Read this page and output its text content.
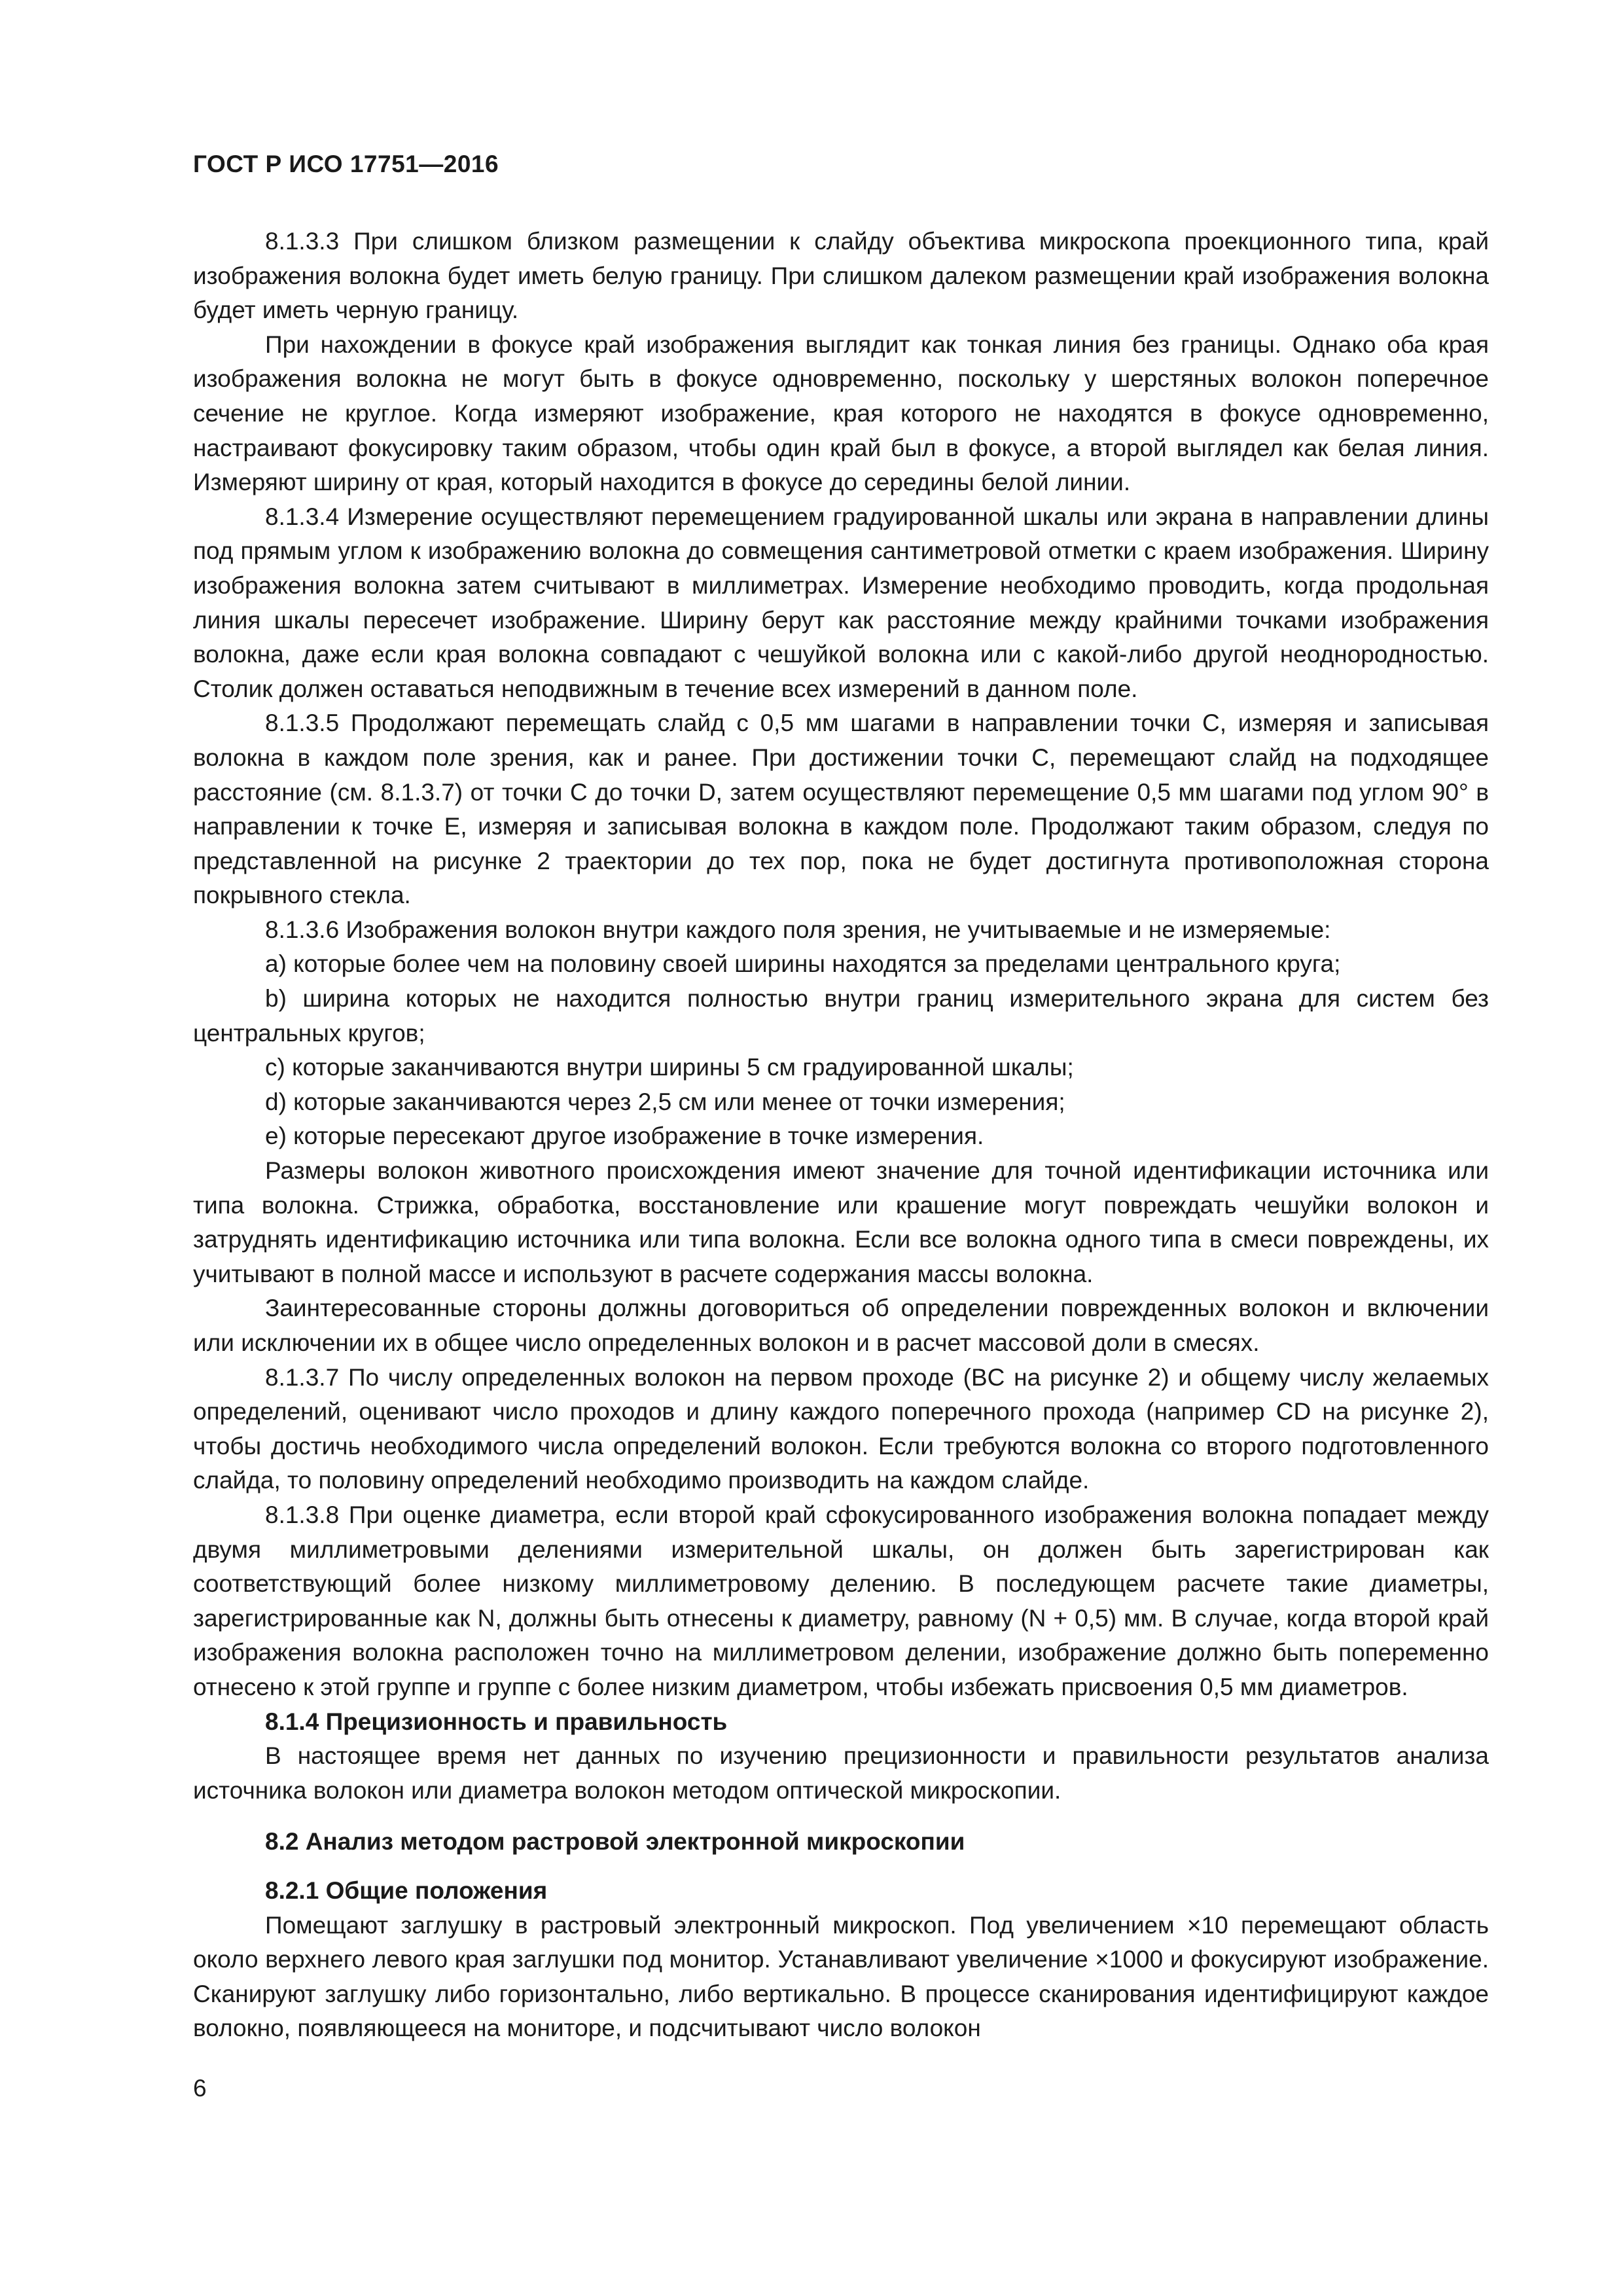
ГОСТ Р ИСО 17751—2016

8.1.3.3 При слишком близком размещении к слайду объектива микроскопа проекционного типа, край изображения волокна будет иметь белую границу. При слишком далеком размещении край изображения волокна будет иметь черную границу.

При нахождении в фокусе край изображения выглядит как тонкая линия без границы. Однако оба края изображения волокна не могут быть в фокусе одновременно, поскольку у шерстяных волокон поперечное сечение не круглое. Когда измеряют изображение, края которого не находятся в фокусе одновременно, настраивают фокусировку таким образом, чтобы один край был в фокусе, а второй выглядел как белая линия. Измеряют ширину от края, который находится в фокусе до середины белой линии.

8.1.3.4 Измерение осуществляют перемещением градуированной шкалы или экрана в направлении длины под прямым углом к изображению волокна до совмещения сантиметровой отметки с краем изображения. Ширину изображения волокна затем считывают в миллиметрах. Измерение необходимо проводить, когда продольная линия шкалы пересечет изображение. Ширину берут как расстояние между крайними точками изображения волокна, даже если края волокна совпадают с чешуйкой волокна или с какой-либо другой неоднородностью. Столик должен оставаться неподвижным в течение всех измерений в данном поле.

8.1.3.5 Продолжают перемещать слайд с 0,5 мм шагами в направлении точки C, измеряя и записывая волокна в каждом поле зрения, как и ранее. При достижении точки C, перемещают слайд на подходящее расстояние (см. 8.1.3.7) от точки C до точки D, затем осуществляют перемещение 0,5 мм шагами под углом 90° в направлении к точке E, измеряя и записывая волокна в каждом поле. Продолжают таким образом, следуя по представленной на рисунке 2 траектории до тех пор, пока не будет достигнута противоположная сторона покрывного стекла.

8.1.3.6 Изображения волокон внутри каждого поля зрения, не учитываемые и не измеряемые:

a) которые более чем на половину своей ширины находятся за пределами центрального круга;

b) ширина которых не находится полностью внутри границ измерительного экрана для систем без центральных кругов;

c) которые заканчиваются внутри ширины 5 см градуированной шкалы;

d) которые заканчиваются через 2,5 см или менее от точки измерения;

e) которые пересекают другое изображение в точке измерения.

Размеры волокон животного происхождения имеют значение для точной идентификации источника или типа волокна. Стрижка, обработка, восстановление или крашение могут повреждать чешуйки волокон и затруднять идентификацию источника или типа волокна. Если все волокна одного типа в смеси повреждены, их учитывают в полной массе и используют в расчете содержания массы волокна.

Заинтересованные стороны должны договориться об определении поврежденных волокон и включении или исключении их в общее число определенных волокон и в расчет массовой доли в смесях.

8.1.3.7 По числу определенных волокон на первом проходе (BC на рисунке 2) и общему числу желаемых определений, оценивают число проходов и длину каждого поперечного прохода (например CD на рисунке 2), чтобы достичь необходимого числа определений волокон. Если требуются волокна со второго подготовленного слайда, то половину определений необходимо производить на каждом слайде.

8.1.3.8 При оценке диаметра, если второй край сфокусированного изображения волокна попадает между двумя миллиметровыми делениями измерительной шкалы, он должен быть зарегистрирован как соответствующий более низкому миллиметровому делению. В последующем расчете такие диаметры, зарегистрированные как N, должны быть отнесены к диаметру, равному (N + 0,5) мм. В случае, когда второй край изображения волокна расположен точно на миллиметровом делении, изображение должно быть попеременно отнесено к этой группе и группе с более низким диаметром, чтобы избежать присвоения 0,5 мм диаметров.

8.1.4 Прецизионность и правильность

В настоящее время нет данных по изучению прецизионности и правильности результатов анализа источника волокон или диаметра волокон методом оптической микроскопии.

8.2 Анализ методом растровой электронной микроскопии
8.2.1 Общие положения

Помещают заглушку в растровый электронный микроскоп. Под увеличением ×10 перемещают область около верхнего левого края заглушки под монитор. Устанавливают увеличение ×1000 и фокусируют изображение. Сканируют заглушку либо горизонтально, либо вертикально. В процессе сканирования идентифицируют каждое волокно, появляющееся на мониторе, и подсчитывают число волокон

6
